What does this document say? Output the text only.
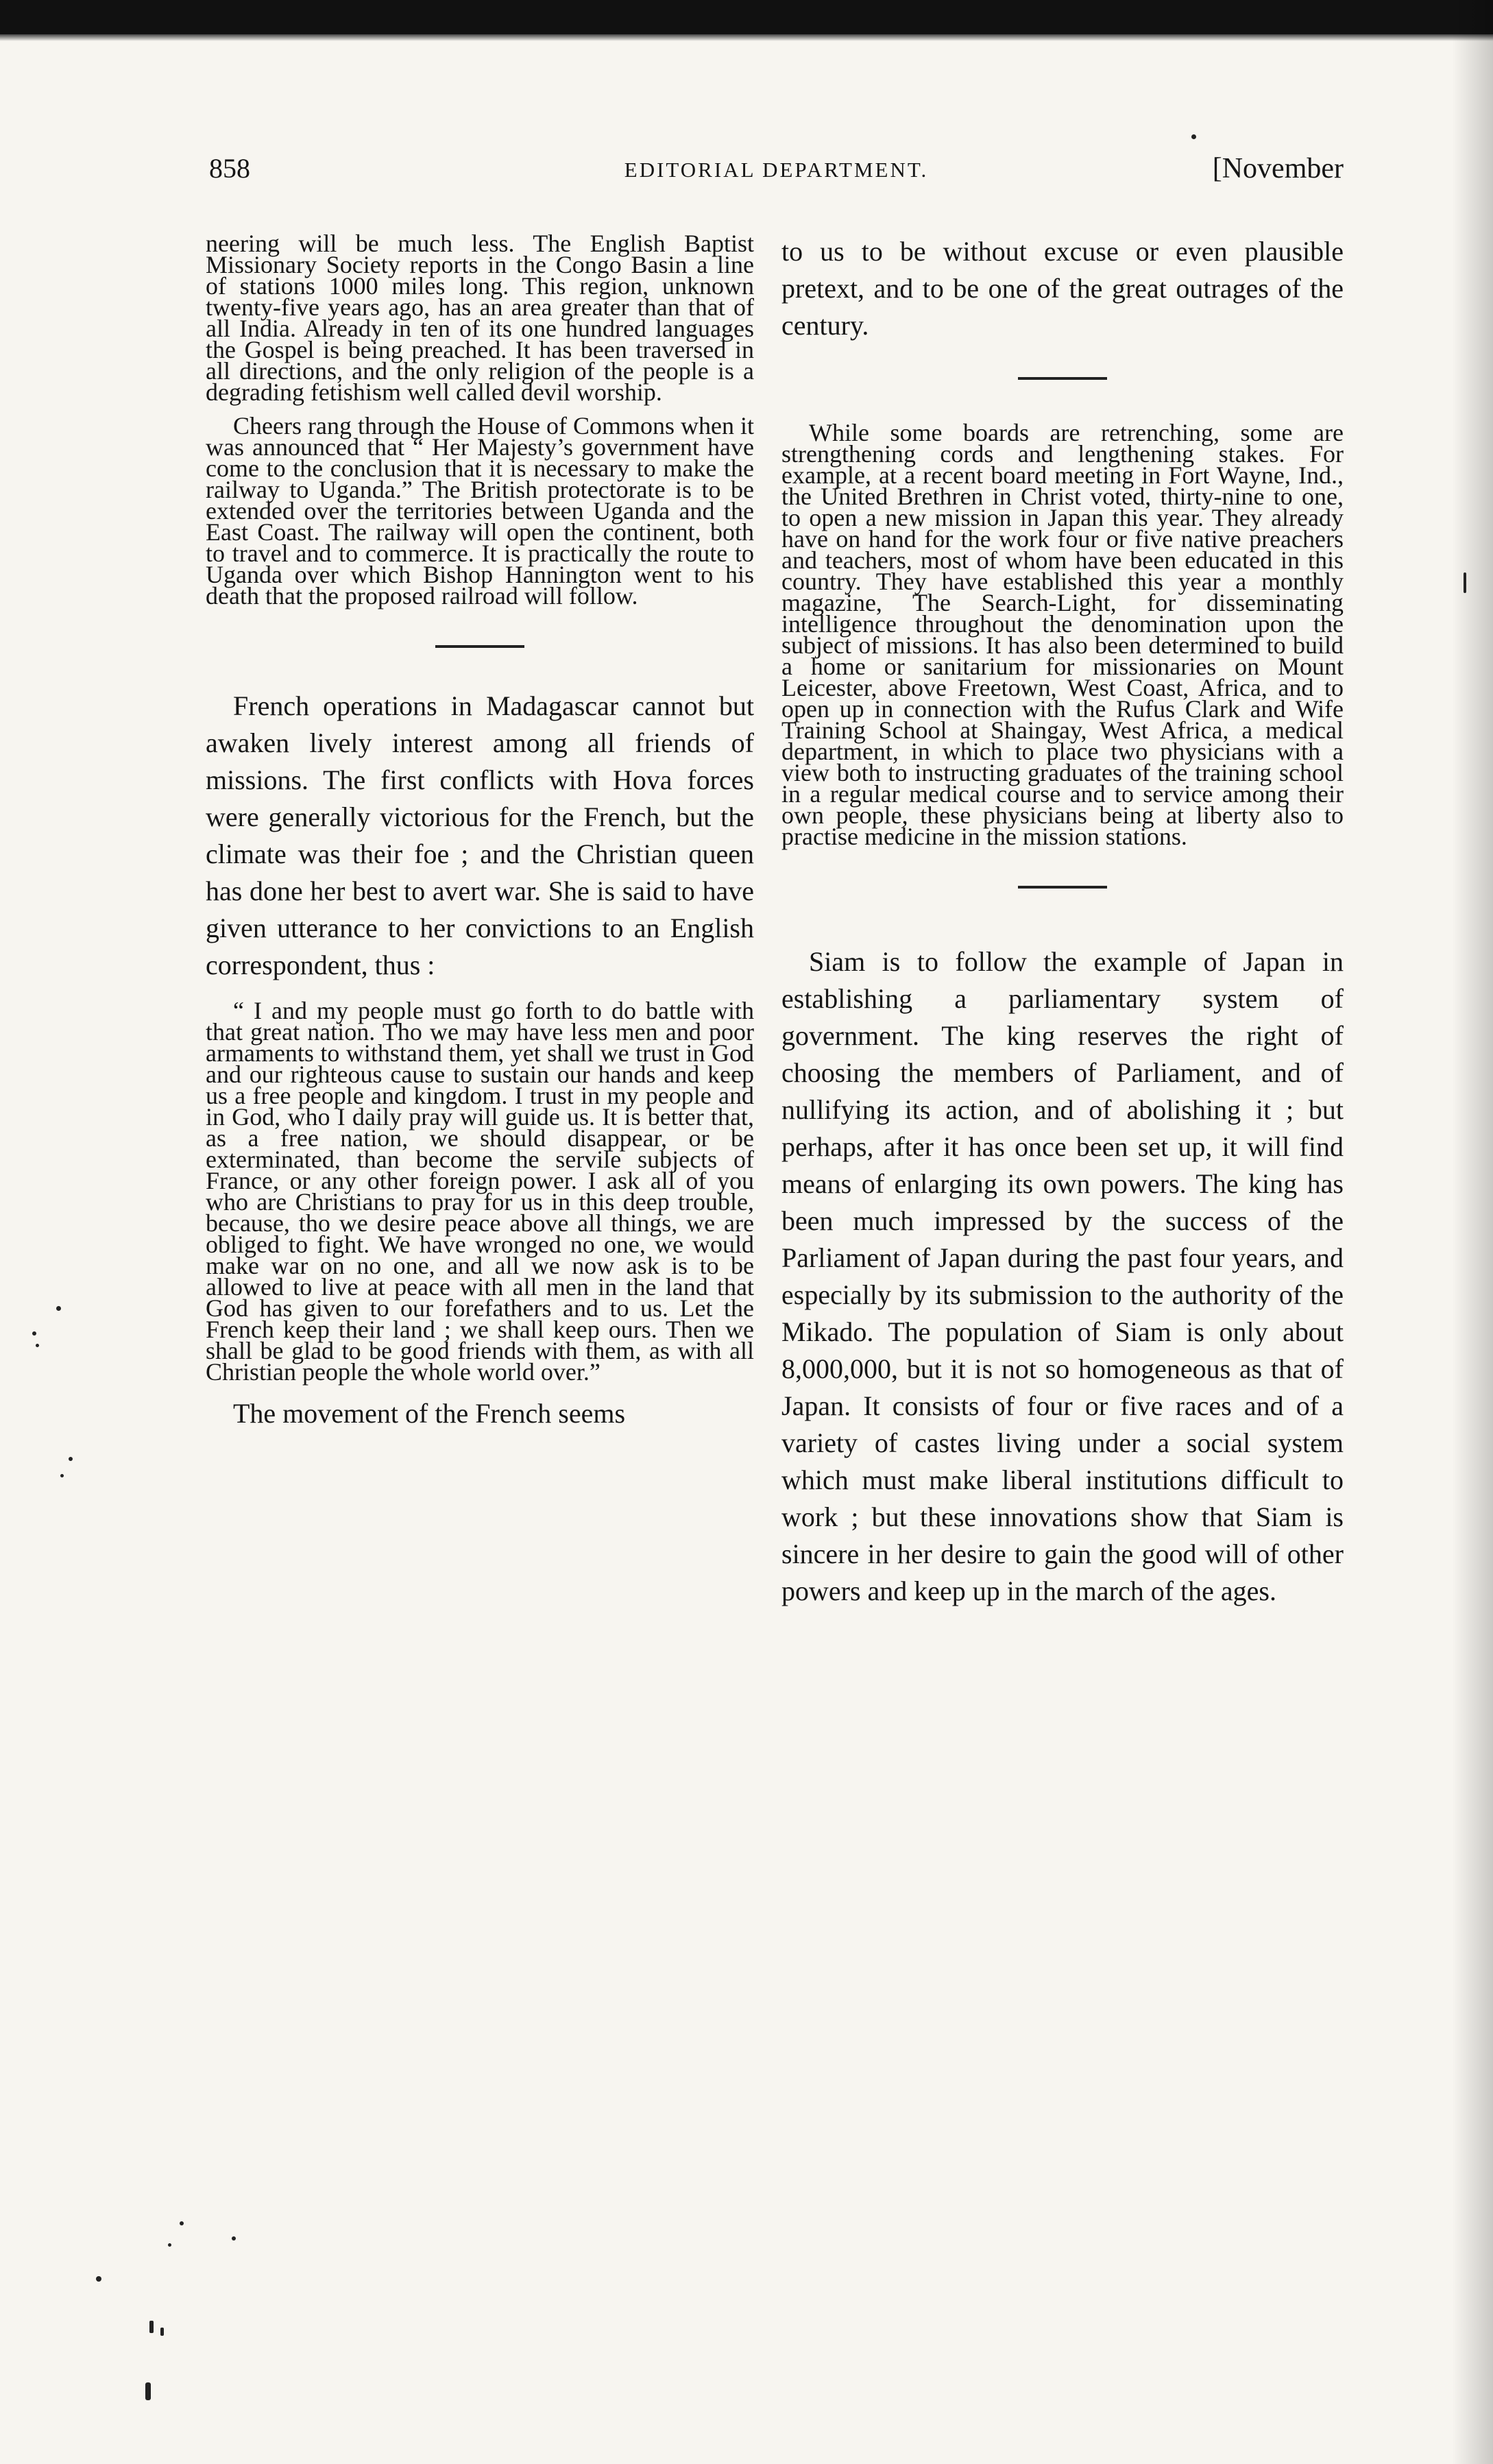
858	EDITORIAL DEPARTMENT.	[November

neering will be much less. The English Baptist Missionary Society reports in the Congo Basin a line of stations 1000 miles long. This region, unknown twenty-five years ago, has an area greater than that of all India. Already in ten of its one hundred languages the Gospel is being preached. It has been traversed in all directions, and the only religion of the people is a degrading fetishism well called devil worship.

Cheers rang through the House of Commons when it was announced that “ Her Majesty’s government have come to the conclusion that it is necessary to make the railway to Uganda.” The British protectorate is to be extended over the territories between Uganda and the East Coast. The railway will open the continent, both to travel and to commerce. It is practically the route to Uganda over which Bishop Hannington went to his death that the proposed railroad will follow.

French operations in Madagascar cannot but awaken lively interest among all friends of missions. The first conflicts with Hova forces were generally victorious for the French, but the climate was their foe ; and the Christian queen has done her best to avert war. She is said to have given utterance to her convictions to an English correspondent, thus :

“ I and my people must go forth to do battle with that great nation. Tho we may have less men and poor armaments to withstand them, yet shall we trust in God and our righteous cause to sustain our hands and keep us a free people and kingdom. I trust in my people and in God, who I daily pray will guide us. It is better that, as a free nation, we should disappear, or be exterminated, than become the servile subjects of France, or any other foreign power. I ask all of you who are Christians to pray for us in this deep trouble, because, tho we desire peace above all things, we are obliged to fight. We have wronged no one, we would make war on no one, and all we now ask is to be allowed to live at peace with all men in the land that God has given to our forefathers and to us. Let the French keep their land ; we shall keep ours. Then we shall be glad to be good friends with them, as with all Christian people the whole world over.”

The movement of the French seems

to us to be without excuse or even plausible pretext, and to be one of the great outrages of the century.

While some boards are retrenching, some are strengthening cords and lengthening stakes. For example, at a recent board meeting in Fort Wayne, Ind., the United Brethren in Christ voted, thirty-nine to one, to open a new mission in Japan this year. They already have on hand for the work four or five native preachers and teachers, most of whom have been educated in this country. They have established this year a monthly magazine, The Search-Light, for disseminating intelligence throughout the denomination upon the subject of missions. It has also been determined to build a home or sanitarium for missionaries on Mount Leicester, above Freetown, West Coast, Africa, and to open up in connection with the Rufus Clark and Wife Training School at Shaingay, West Africa, a medical department, in which to place two physicians with a view both to instructing graduates of the training school in a regular medical course and to service among their own people, these physicians being at liberty also to practise medicine in the mission stations.

Siam is to follow the example of Japan in establishing a parliamentary system of government. The king reserves the right of choosing the members of Parliament, and of nullifying its action, and of abolishing it ; but perhaps, after it has once been set up, it will find means of enlarging its own powers. The king has been much impressed by the success of the Parliament of Japan during the past four years, and especially by its submission to the authority of the Mikado. The population of Siam is only about 8,000,000, but it is not so homogeneous as that of Japan. It consists of four or five races and of a variety of castes living under a social system which must make liberal institutions difficult to work ; but these innovations show that Siam is sincere in her desire to gain the good will of other powers and keep up in the march of the ages.
